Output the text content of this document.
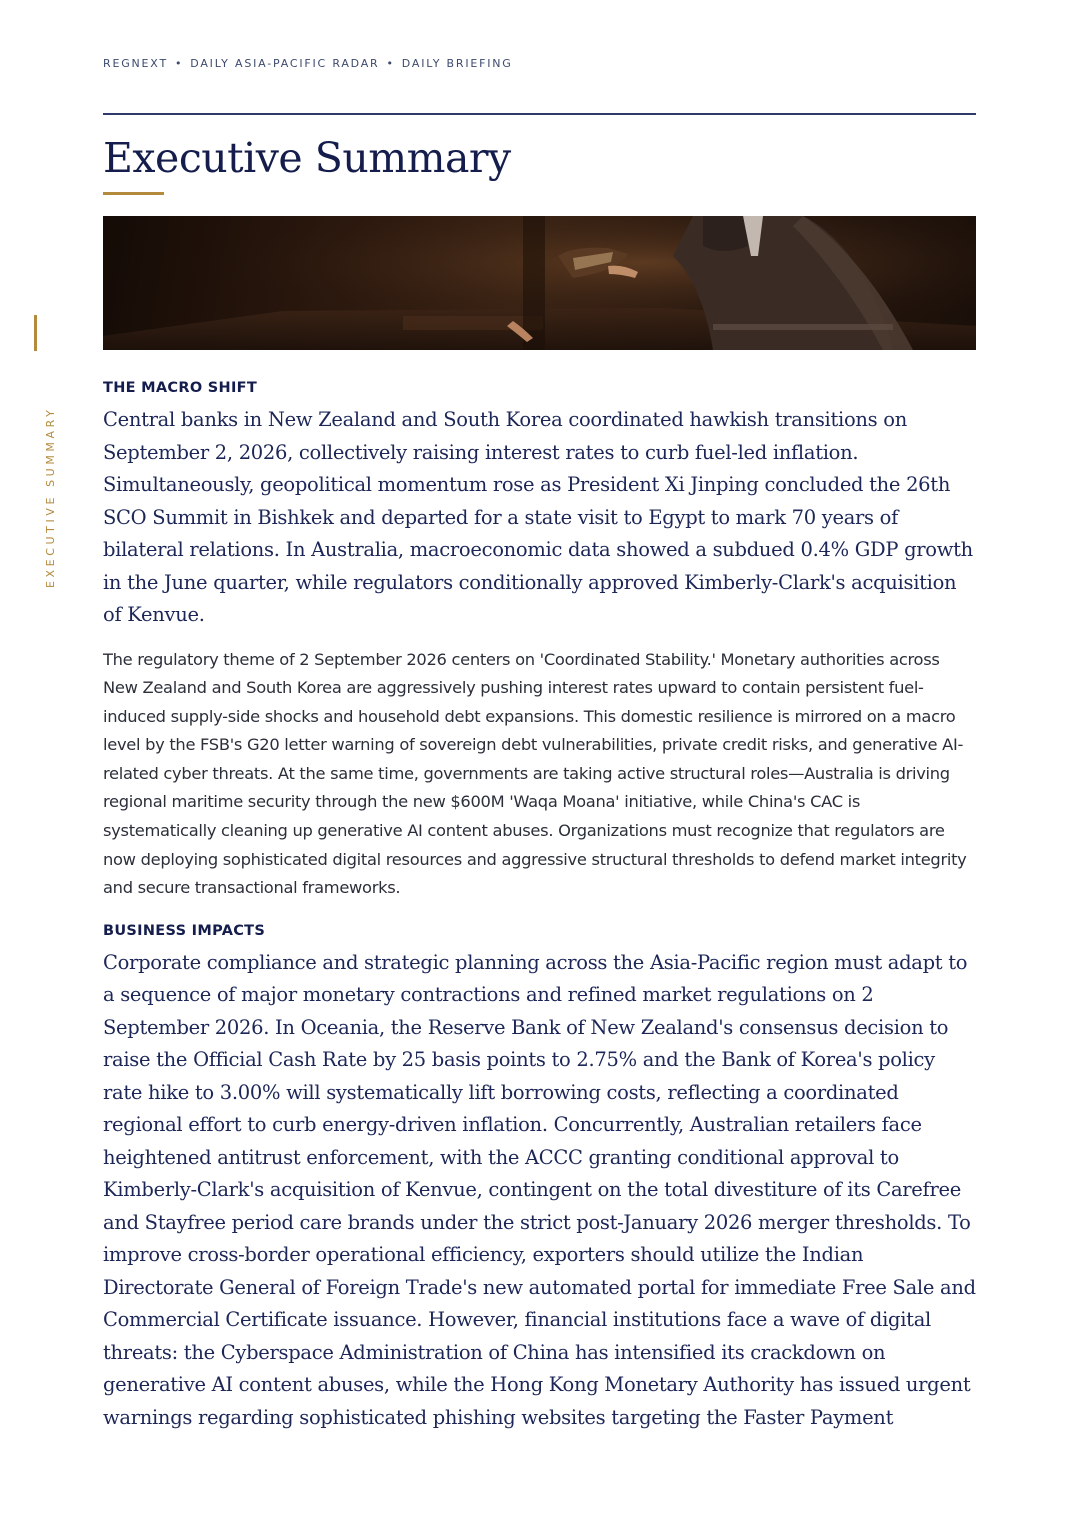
REGNEXT • DAILY ASIA-PACIFIC RADAR • DAILY BRIEFING
Executive Summary
EXECUTIVE SUMMARY
THE MACRO SHIFT

Central banks in New Zealand and South Korea coordinated hawkish transitions on September 2, 2026, collectively raising interest rates to curb fuel-led inflation. Simultaneously, geopolitical momentum rose as President Xi Jinping concluded the 26th SCO Summit in Bishkek and departed for a state visit to Egypt to mark 70 years of bilateral relations. In Australia, macroeconomic data showed a subdued 0.4% GDP growth in the June quarter, while regulators conditionally approved Kimberly-Clark's acquisition of Kenvue.

The regulatory theme of 2 September 2026 centers on 'Coordinated Stability.' Monetary authorities across New Zealand and South Korea are aggressively pushing interest rates upward to contain persistent fuel-induced supply-side shocks and household debt expansions. This domestic resilience is mirrored on a macro level by the FSB's G20 letter warning of sovereign debt vulnerabilities, private credit risks, and generative AI-related cyber threats. At the same time, governments are taking active structural roles—Australia is driving regional maritime security through the new $600M 'Waqa Moana' initiative, while China's CAC is systematically cleaning up generative AI content abuses. Organizations must recognize that regulators are now deploying sophisticated digital resources and aggressive structural thresholds to defend market integrity and secure transactional frameworks.

BUSINESS IMPACTS

Corporate compliance and strategic planning across the Asia-Pacific region must adapt to a sequence of major monetary contractions and refined market regulations on 2 September 2026. In Oceania, the Reserve Bank of New Zealand's consensus decision to raise the Official Cash Rate by 25 basis points to 2.75% and the Bank of Korea's policy rate hike to 3.00% will systematically lift borrowing costs, reflecting a coordinated regional effort to curb energy-driven inflation. Concurrently, Australian retailers face heightened antitrust enforcement, with the ACCC granting conditional approval to Kimberly-Clark's acquisition of Kenvue, contingent on the total divestiture of its Carefree and Stayfree period care brands under the strict post-January 2026 merger thresholds. To improve cross-border operational efficiency, exporters should utilize the Indian Directorate General of Foreign Trade's new automated portal for immediate Free Sale and Commercial Certificate issuance. However, financial institutions face a wave of digital threats: the Cyberspace Administration of China has intensified its crackdown on generative AI content abuses, while the Hong Kong Monetary Authority has issued urgent warnings regarding sophisticated phishing websites targeting the Faster Payment
